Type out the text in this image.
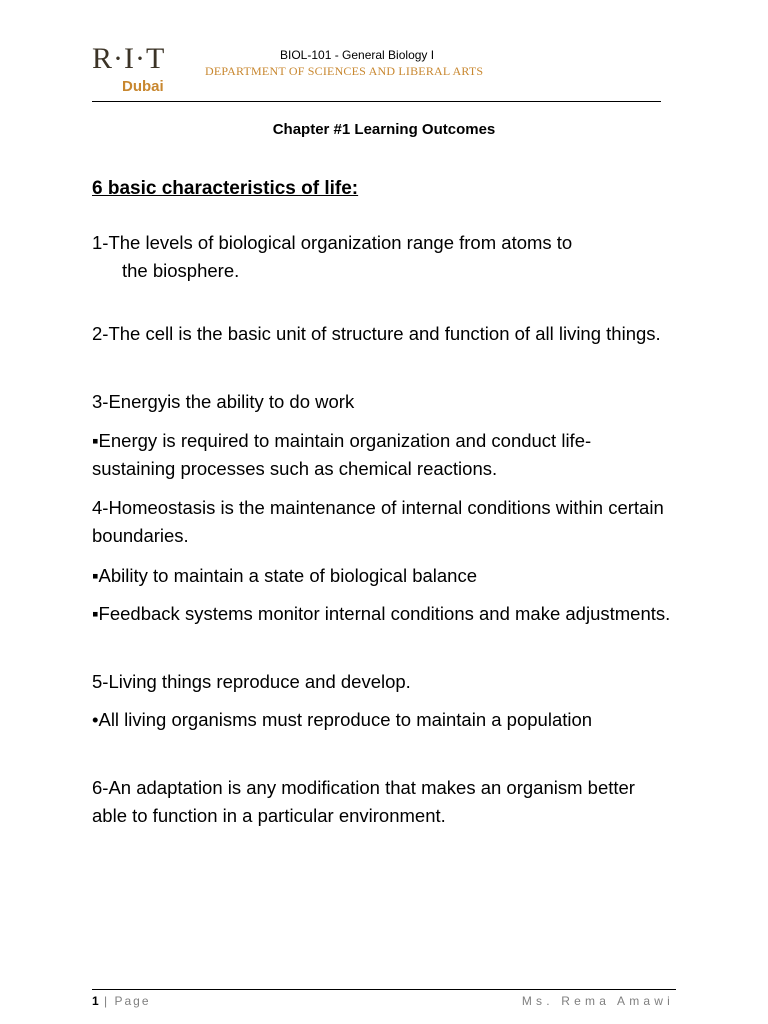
R·I·T
Dubai
BIOL-101 - General Biology I
DEPARTMENT OF SCIENCES AND LIBERAL ARTS
Chapter #1 Learning Outcomes
6 basic characteristics of life:
1-The levels of biological organization range from atoms to
the biosphere.
2-The cell is the basic unit of structure and function of all living things.
3-Energyis the ability to do work
▪Energy is required to maintain organization and conduct life-sustaining processes such as chemical reactions.
4-Homeostasis is the maintenance of internal conditions within certain boundaries.
▪Ability to maintain a state of biological balance
▪Feedback systems monitor internal conditions and make adjustments.
5-Living things reproduce and develop.
•All living organisms must reproduce to maintain a population
6-An adaptation is any modification that makes an organism better able to function in a particular environment.
1 | Page	Ms. Rema Amawi
